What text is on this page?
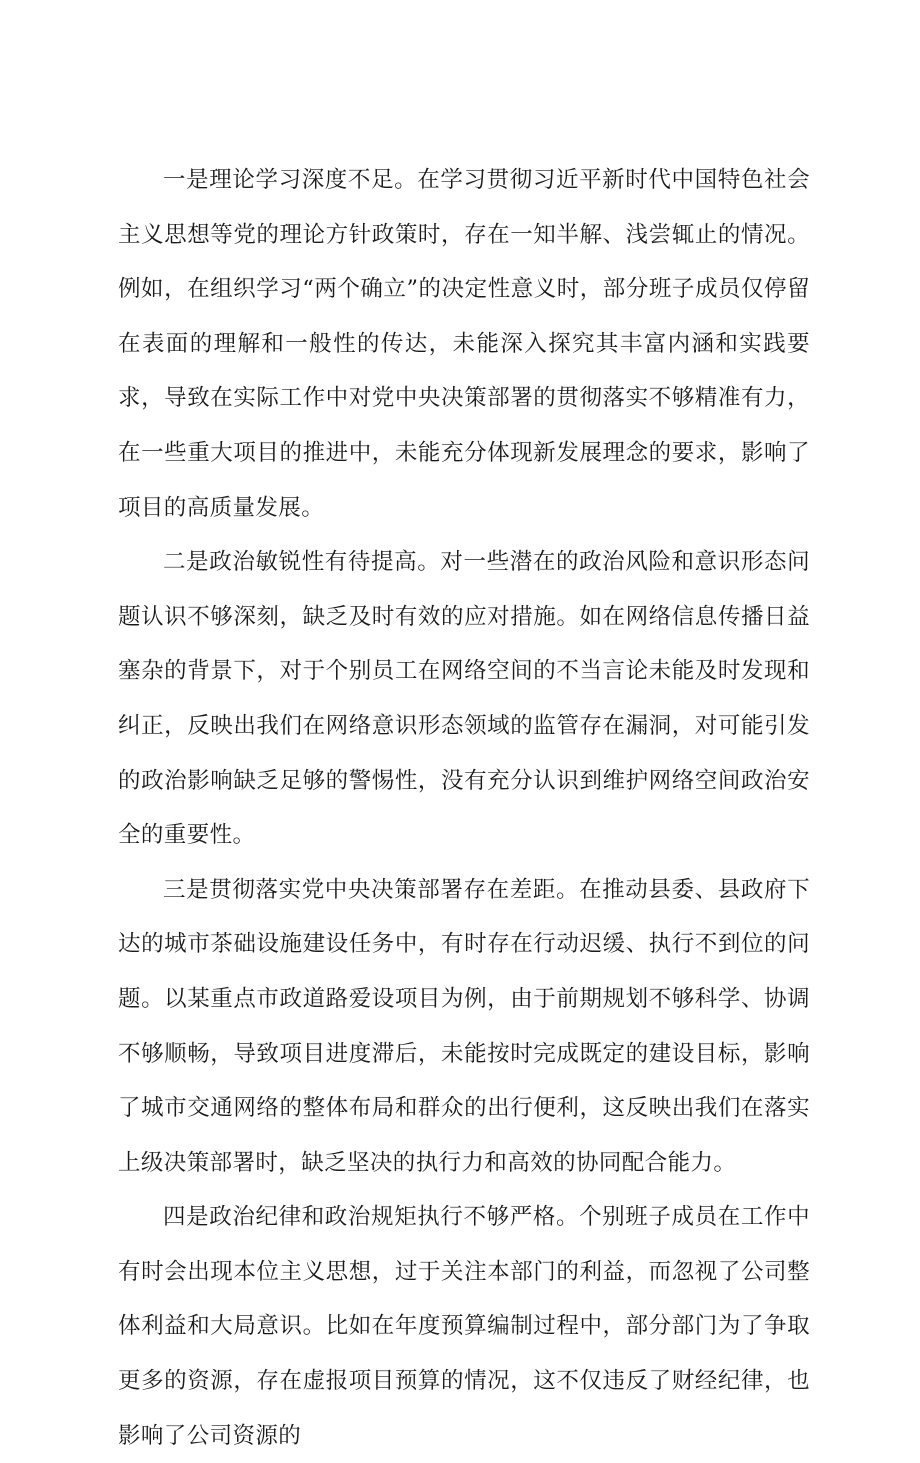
一是理论学习深度不足。在学习贯彻习近平新时代中国特色社会主义思想等党的理论方针政策时，存在一知半解、浅尝辄止的情况。例如，在组织学习“两个确立”的决定性意义时，部分班子成员仅停留在表面的理解和一般性的传达，未能深入探究其丰富内涵和实践要求，导致在实际工作中对党中央决策部署的贯彻落实不够精准有力，在一些重大项目的推进中，未能充分体现新发展理念的要求，影响了项目的高质量发展。

二是政治敏锐性有待提高。对一些潜在的政治风险和意识形态问题认识不够深刻，缺乏及时有效的应对措施。如在网络信息传播日益塞杂的背景下，对于个别员工在网络空间的不当言论未能及时发现和纠正，反映出我们在网络意识形态领域的监管存在漏洞，对可能引发的政治影响缺乏足够的警惕性，没有充分认识到维护网络空间政治安全的重要性。

三是贯彻落实党中央决策部署存在差距。在推动县委、县政府下达的城市茶础设施建设任务中，有时存在行动迟缓、执行不到位的问题。以某重点市政道路爱设项目为例，由于前期规划不够科学、协调不够顺畅，导致项目进度滞后，未能按时完成既定的建设目标，影响了城市交通网络的整体布局和群众的出行便利，这反映出我们在落实上级决策部署时，缺乏坚决的执行力和高效的协同配合能力。

四是政治纪律和政治规矩执行不够严格。个别班子成员在工作中有时会出现本位主义思想，过于关注本部门的利益，而忽视了公司整体利益和大局意识。比如在年度预算编制过程中，部分部门为了争取更多的资源，存在虚报项目预算的情况，这不仅违反了财经纪律，也影响了公司资源的
